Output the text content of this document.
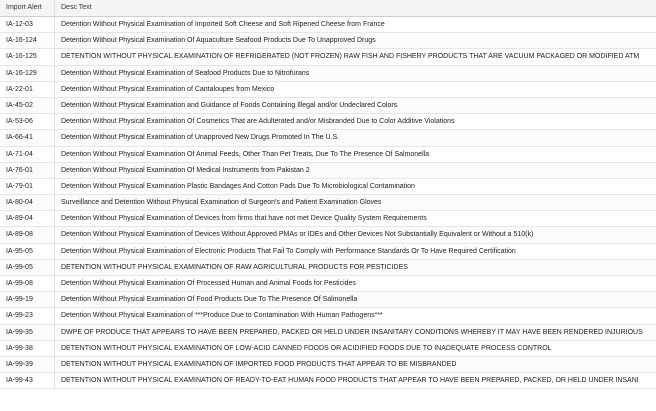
Import Alert	Desc Text
IA-12-03	Detention Without Physical Examination of Imported Soft Cheese and Soft Ripened Cheese from France
IA-16-124	Detention Without Physical Examination Of Aquaculture Seafood Products Due To Unapproved Drugs
IA-16-125	DETENTION WITHOUT PHYSICAL EXAMINATION OF REFRIGERATED (NOT FROZEN) RAW FISH AND FISHERY PRODUCTS THAT ARE VACUUM PACKAGED OR MODIFIED ATM
IA-16-129	Detention Without Physical Examination of Seafood Products Due to Nitrofurans
IA-22-01	Detention Without Physical Examination of Cantaloupes from Mexico
IA-45-02	Detention Without Physical Examination and Guidance of Foods Containing Illegal and/or Undeclared Colors
IA-53-06	Detention Without Physical Examination Of Cosmetics That are Adulterated and/or Misbranded Due to Color Additive Violations
IA-66-41	Detention Without Physical Examination of Unapproved New Drugs Promoted In The U.S.
IA-71-04	Detention Without Physical Examination Of Animal Feeds, Other Than Pet Treats, Due To The Presence Of Salmonella
IA-76-01	Detention Without Physical Examination Of Medical Instruments from Pakistan 2
IA-79-01	Detention Without Physical Examination Plastic Bandages And Cotton Pads Due To Microbiological Contamination
IA-80-04	Surveillance and Detention Without Physical Examination of Surgeon's and Patient Examination Gloves
IA-89-04	Detention Without Physical Examination of Devices from firms that have not met Device Quality System Requirements
IA-89-08	Detention Without Physical Examination of Devices Without Approved PMAs or IDEs and Other Devices Not Substantially Equivalent or Without a 510(k)
IA-95-05	Detention Without Physical Examination of Electronic Products That Fail To Comply with Performance Standards Or To Have Required Certification
IA-99-05	DETENTION WITHOUT PHYSICAL EXAMINATION OF RAW AGRICULTURAL PRODUCTS FOR PESTICIDES
IA-99-08	Detention Without Physical Examination Of Processed Human and Animal Foods for Pesticides
IA-99-19	Detention Without Physical Examination Of Food Products Due To The Presence Of Salmonella
IA-99-23	Detention Without Physical Examination of ***Produce Due to Contamination With Human Pathogens***
IA-99-35	DWPE OF PRODUCE THAT APPEARS TO HAVE BEEN PREPARED, PACKED OR HELD UNDER INSANITARY CONDITIONS WHEREBY IT MAY HAVE BEEN RENDERED INJURIOUS
IA-99-38	DETENTION WITHOUT PHYSICAL EXAMINATION OF LOW-ACID CANNED FOODS OR ACIDIFIED FOODS DUE TO INADEQUATE PROCESS CONTROL
IA-99-39	DETENTION WITHOUT PHYSICAL EXAMINATION OF IMPORTED FOOD PRODUCTS THAT APPEAR TO BE MISBRANDED
IA-99-43	DETENTION WITHOUT PHYSICAL EXAMINATION OF READY-TO-EAT HUMAN FOOD PRODUCTS THAT APPEAR TO HAVE BEEN PREPARED, PACKED, OR HELD UNDER INSANI
